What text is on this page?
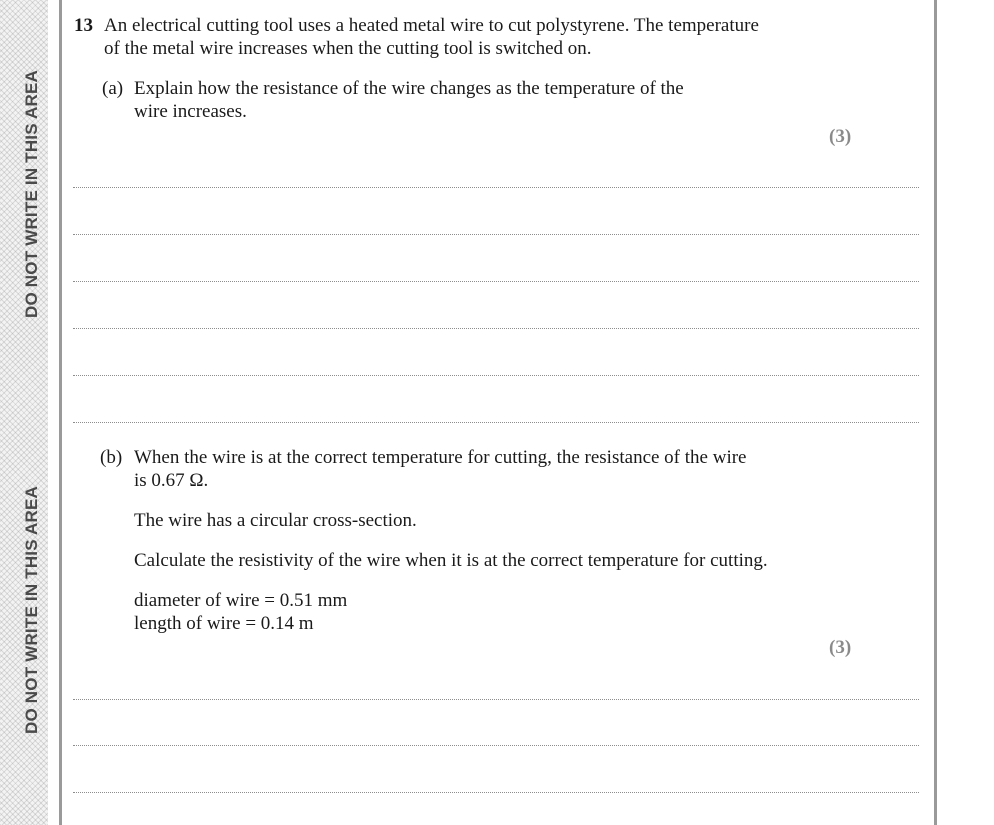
DO NOT WRITE IN THIS AREA
DO NOT WRITE IN THIS AREA
13 An electrical cutting tool uses a heated metal wire to cut polystyrene. The temperature
of the metal wire increases when the cutting tool is switched on.
(a) Explain how the resistance of the wire changes as the temperature of the
wire increases.
(3)
(b) When the wire is at the correct temperature for cutting, the resistance of the wire
is 0.67 Ω.
The wire has a circular cross-section.
Calculate the resistivity of the wire when it is at the correct temperature for cutting.
diameter of wire = 0.51 mm
length of wire = 0.14 m
(3)
